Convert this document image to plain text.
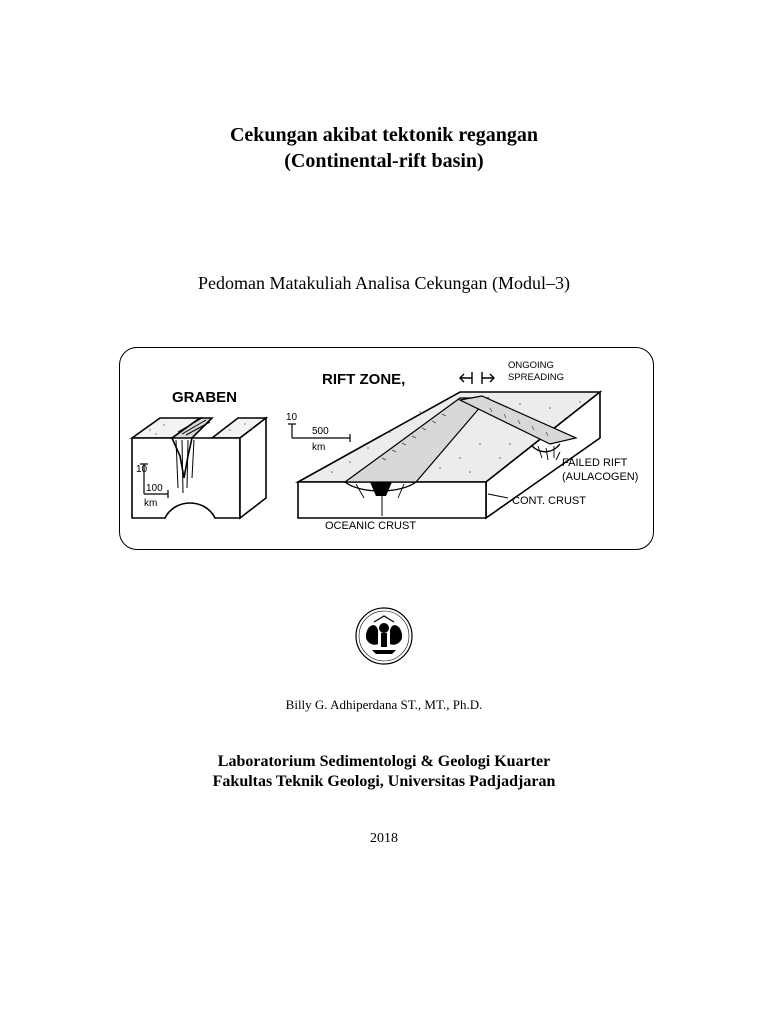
Cekungan akibat tektonik regangan
(Continental-rift basin)
Pedoman Matakuliah Analisa Cekungan (Modul–3)
GRABEN
10
100
km
RIFT ZONE,
ONGOING
SPREADING
10
500
km
FAILED RIFT
(AULACOGEN)
CONT. CRUST
OCEANIC CRUST
Billy G. Adhiperdana ST., MT., Ph.D.
Laboratorium Sedimentologi & Geologi Kuarter
Fakultas Teknik Geologi, Universitas Padjadjaran
2018
